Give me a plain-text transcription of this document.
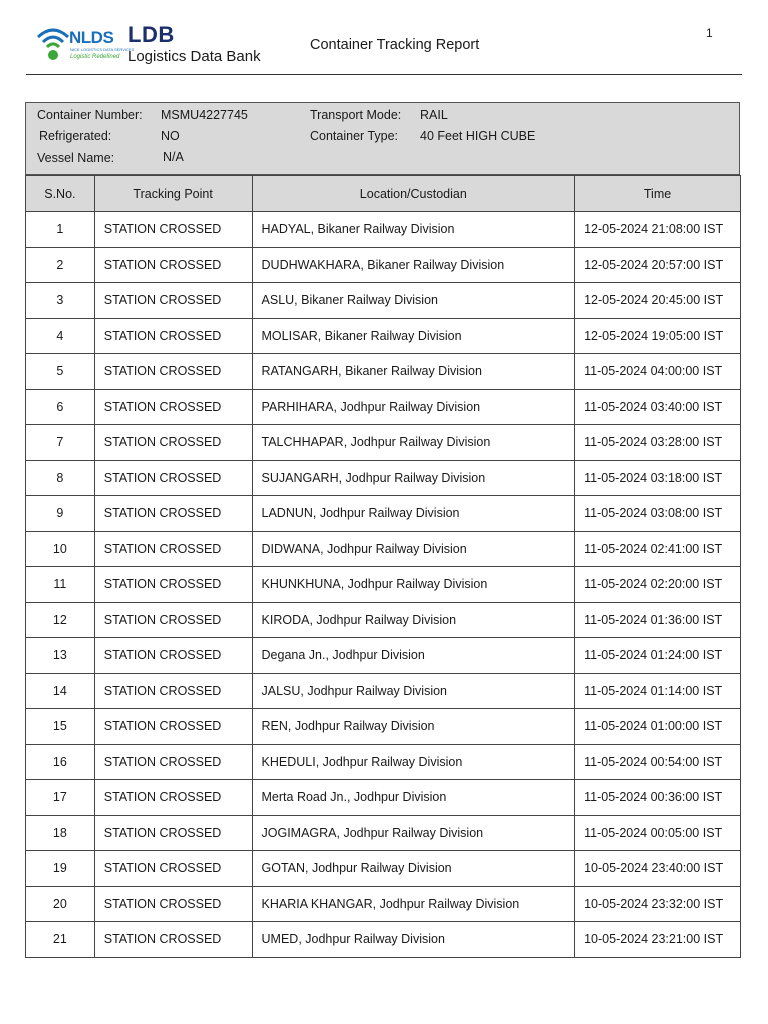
1
NLDS
NICE LOGISTICS DATA SERVICES
Logistic Redefined
LDB
Logistics Data Bank
Container Tracking Report
Container Number: MSMU4227745	Transport Mode: RAIL
Refrigerated:	NO	Container Type: 40 Feet HIGH CUBE
Vessel Name:	N/A
S.No.	Tracking Point	Location/Custodian	Time
1	STATION CROSSED	HADYAL, Bikaner Railway Division	12-05-2024 21:08:00 IST
2	STATION CROSSED	DUDHWAKHARA, Bikaner Railway Division	12-05-2024 20:57:00 IST
3	STATION CROSSED	ASLU, Bikaner Railway Division	12-05-2024 20:45:00 IST
4	STATION CROSSED	MOLISAR, Bikaner Railway Division	12-05-2024 19:05:00 IST
5	STATION CROSSED	RATANGARH, Bikaner Railway Division	11-05-2024 04:00:00 IST
6	STATION CROSSED	PARHIHARA, Jodhpur Railway Division	11-05-2024 03:40:00 IST
7	STATION CROSSED	TALCHHAPAR, Jodhpur Railway Division	11-05-2024 03:28:00 IST
8	STATION CROSSED	SUJANGARH, Jodhpur Railway Division	11-05-2024 03:18:00 IST
9	STATION CROSSED	LADNUN, Jodhpur Railway Division	11-05-2024 03:08:00 IST
10	STATION CROSSED	DIDWANA, Jodhpur Railway Division	11-05-2024 02:41:00 IST
11	STATION CROSSED	KHUNKHUNA, Jodhpur Railway Division	11-05-2024 02:20:00 IST
12	STATION CROSSED	KIRODA, Jodhpur Railway Division	11-05-2024 01:36:00 IST
13	STATION CROSSED	Degana Jn., Jodhpur Division	11-05-2024 01:24:00 IST
14	STATION CROSSED	JALSU, Jodhpur Railway Division	11-05-2024 01:14:00 IST
15	STATION CROSSED	REN, Jodhpur Railway Division	11-05-2024 01:00:00 IST
16	STATION CROSSED	KHEDULI, Jodhpur Railway Division	11-05-2024 00:54:00 IST
17	STATION CROSSED	Merta Road Jn., Jodhpur Division	11-05-2024 00:36:00 IST
18	STATION CROSSED	JOGIMAGRA, Jodhpur Railway Division	11-05-2024 00:05:00 IST
19	STATION CROSSED	GOTAN, Jodhpur Railway Division	10-05-2024 23:40:00 IST
20	STATION CROSSED	KHARIA KHANGAR, Jodhpur Railway Division	10-05-2024 23:32:00 IST
21	STATION CROSSED	UMED, Jodhpur Railway Division	10-05-2024 23:21:00 IST
